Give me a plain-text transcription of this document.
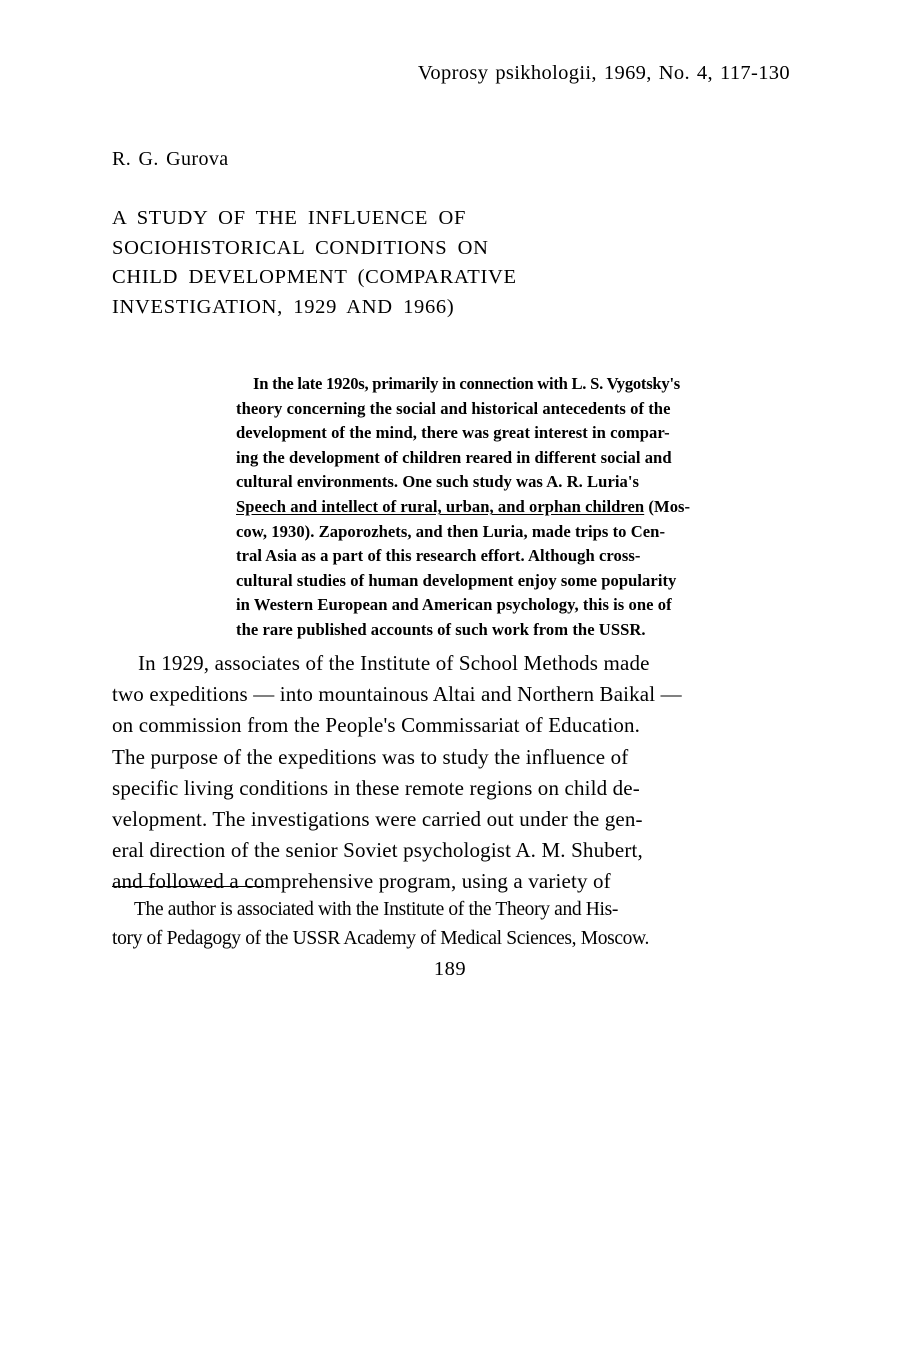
Voprosy psikhologii, 1969, No. 4, 117-130
R. G. Gurova
A STUDY OF THE INFLUENCE OF
SOCIOHISTORICAL CONDITIONS ON
CHILD DEVELOPMENT (COMPARATIVE
INVESTIGATION, 1929 AND 1966)
In the late 1920s, primarily in connection with L. S. Vygotsky's
theory concerning the social and historical antecedents of the
development of the mind, there was great interest in compar-
ing the development of children reared in different social and
cultural environments. One such study was A. R. Luria's
Speech and intellect of rural, urban, and orphan children (Mos-
cow, 1930). Zaporozhets, and then Luria, made trips to Cen-
tral Asia as a part of this research effort. Although cross-
cultural studies of human development enjoy some popularity
in Western European and American psychology, this is one of
the rare published accounts of such work from the USSR.
In 1929, associates of the Institute of School Methods made
two expeditions — into mountainous Altai and Northern Baikal —
on commission from the People's Commissariat of Education.
The purpose of the expeditions was to study the influence of
specific living conditions in these remote regions on child de-
velopment. The investigations were carried out under the gen-
eral direction of the senior Soviet psychologist A. M. Shubert,
and followed a comprehensive program, using a variety of
The author is associated with the Institute of the Theory and His-
tory of Pedagogy of the USSR Academy of Medical Sciences, Moscow.
189
